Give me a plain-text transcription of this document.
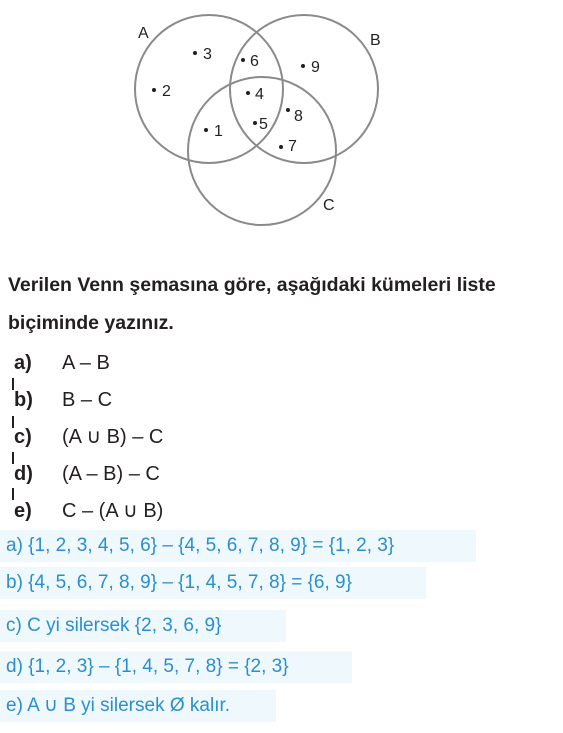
A	B
C
2
3 6	9
4
8
5
7
1
Verilen Venn şemasına göre, aşağıdaki kümeleri liste biçiminde yazınız.
a) A – B
b) B – C
c) (A ∪ B) – C
d) (A – B) – C
e) C – (A ∪ B)
a) {1, 2, 3, 4, 5, 6} – {4, 5, 6, 7, 8, 9} = {1, 2, 3}
b) {4, 5, 6, 7, 8, 9} – {1, 4, 5, 7, 8} = {6, 9}
c) C yi silersek {2, 3, 6, 9}
d) {1, 2, 3} – {1, 4, 5, 7, 8} = {2, 3}
e) A ∪ B yi silersek Ø kalır.
